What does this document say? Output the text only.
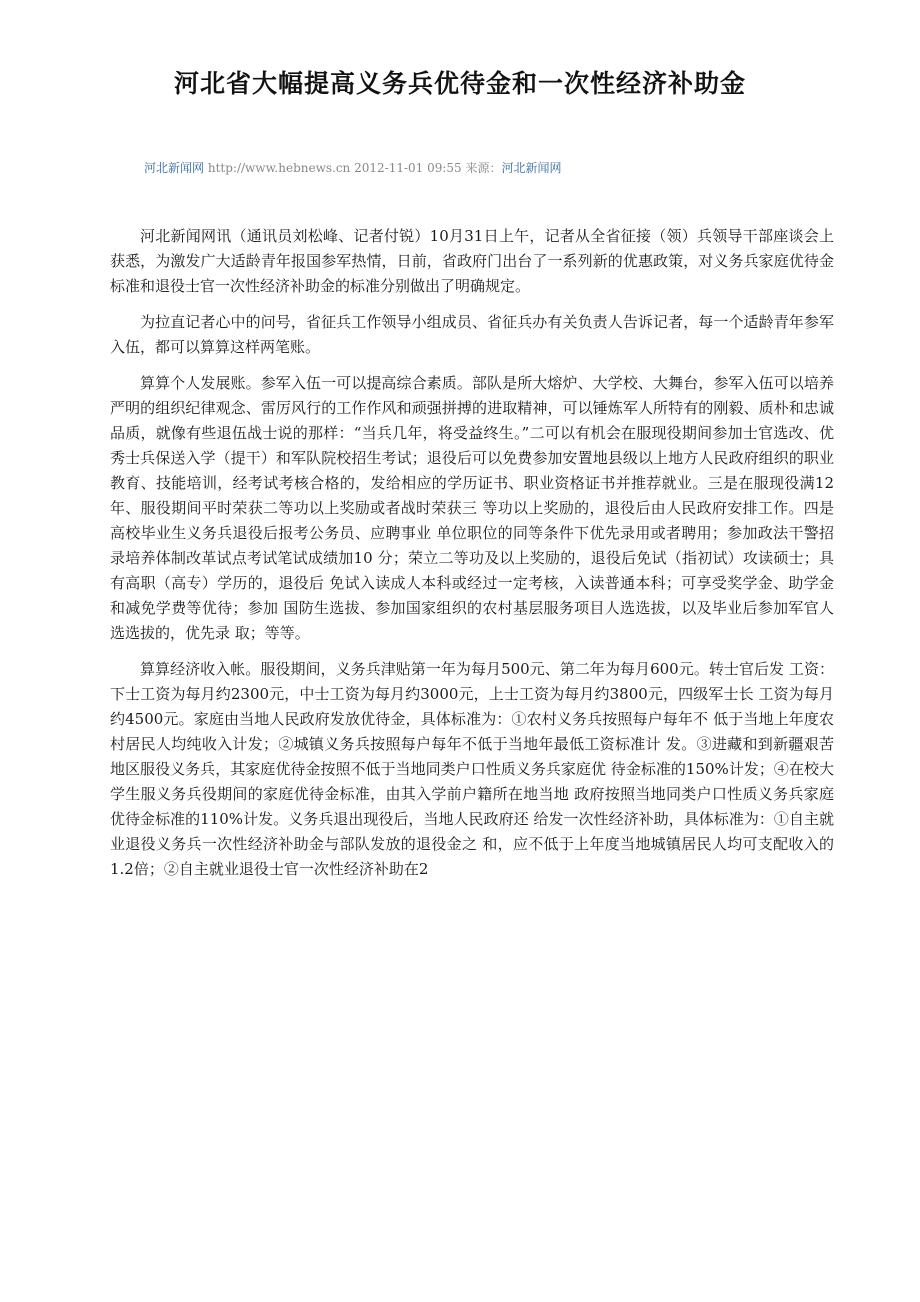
河北省大幅提高义务兵优待金和一次性经济补助金
河北新闻网 http://www.hebnews.cn 2012-11-01 09:55 来源：河北新闻网

河北新闻网讯（通讯员刘松峰、记者付锐）10月31日上午，记者从全省征接（领）兵领导干部座谈会上获悉，为激发广大适龄青年报国参军热情，日前，省政府门出台了一系列新的优惠政策，对义务兵家庭优待金标准和退役士官一次性经济补助金的标准分别做出了明确规定。

为拉直记者心中的问号，省征兵工作领导小组成员、省征兵办有关负责人告诉记者，每一个适龄青年参军入伍，都可以算算这样两笔账。

算算个人发展账。参军入伍一可以提高综合素质。部队是所大熔炉、大学校、大舞台，参军入伍可以培养严明的组织纪律观念、雷厉风行的工作作风和顽强拼搏的进取精神，可以锤炼军人所特有的刚毅、质朴和忠诚品质，就像有些退伍战士说的那样：“当兵几年，将受益终生。”二可以有机会在服现役期间参加士官选改、优秀士兵保送入学（提干）和军队院校招生考试；退役后可以免费参加安置地县级以上地方人民政府组织的职业教育、技能培训，经考试考核合格的，发给相应的学历证书、职业资格证书并推荐就业。三是在服现役满12年、服役期间平时荣获二等功以上奖励或者战时荣获三 等功以上奖励的，退役后由人民政府安排工作。四是高校毕业生义务兵退役后报考公务员、应聘事业 单位职位的同等条件下优先录用或者聘用；参加政法干警招录培养体制改革试点考试笔试成绩加10 分；荣立二等功及以上奖励的，退役后免试（指初试）攻读硕士；具有高职（高专）学历的，退役后 免试入读成人本科或经过一定考核，入读普通本科；可享受奖学金、助学金和减免学费等优待；参加 国防生选拔、参加国家组织的农村基层服务项目人选选拔，以及毕业后参加军官人选选拔的，优先录 取；等等。

算算经济收入帐。服役期间，义务兵津贴第一年为每月500元、第二年为每月600元。转士官后发 工资：下士工资为每月约2300元，中士工资为每月约3000元，上士工资为每月约3800元，四级军士长 工资为每月约4500元。家庭由当地人民政府发放优待金，具体标准为：①农村义务兵按照每户每年不 低于当地上年度农村居民人均纯收入计发；②城镇义务兵按照每户每年不低于当地年最低工资标准计 发。③进藏和到新疆艰苦地区服役义务兵，其家庭优待金按照不低于当地同类户口性质义务兵家庭优 待金标准的150%计发；④在校大学生服义务兵役期间的家庭优待金标准，由其入学前户籍所在地当地 政府按照当地同类户口性质义务兵家庭优待金标准的110%计发。义务兵退出现役后，当地人民政府还 给发一次性经济补助，具体标准为：①自主就业退役义务兵一次性经济补助金与部队发放的退役金之 和，应不低于上年度当地城镇居民人均可支配收入的1.2倍；②自主就业退役士官一次性经济补助在2
